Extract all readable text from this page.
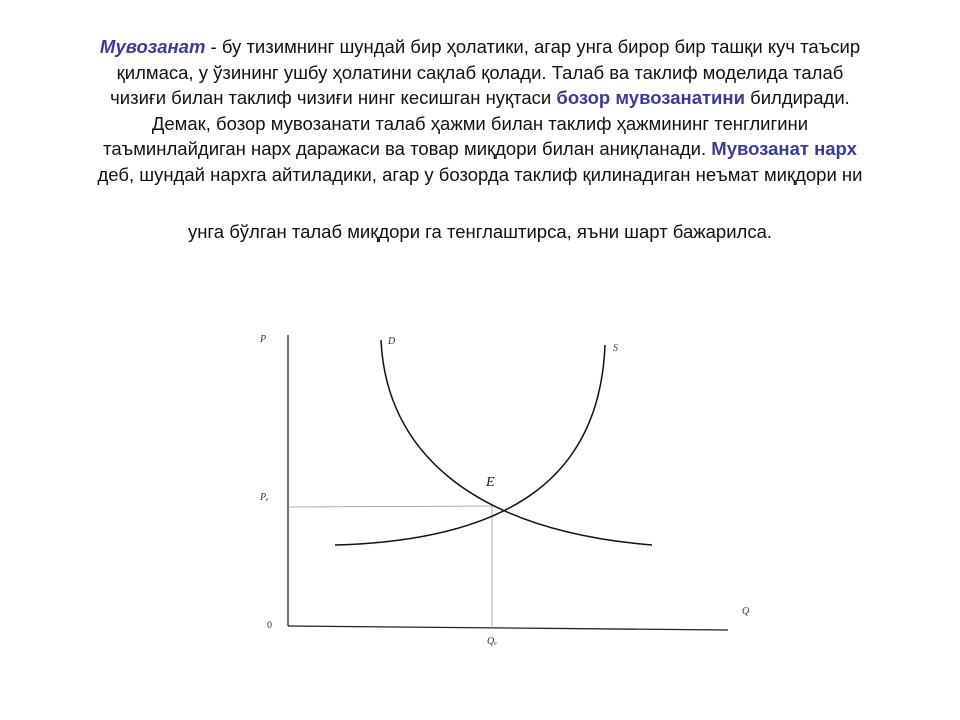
Мувозанат - бу тизимнинг шундай бир ҳолатики, агар унга бирор бир ташқи куч таъсир

қилмаса, у ўзининг ушбу ҳолатини сақлаб қолади. Талаб ва таклиф моделида талаб

чизиғи билан таклиф чизиғи нинг кесишган нуқтаси бозор мувозанатини билдиради.

Демак, бозор мувозанати талаб ҳажми билан таклиф ҳажмининг тенглигини

таъминлайдиган нарх даражаси ва товар миқдори билан аниқланади. Мувозанат нарх

деб, шундай нархга айтиладики, агар у бозорда таклиф қилинадиган неъмат миқдори ни

унга бўлган талаб миқдори га тенглаштирса, яъни шарт бажарилса.

P
Q
0
D
S
E
Pₑ
Qₑ
